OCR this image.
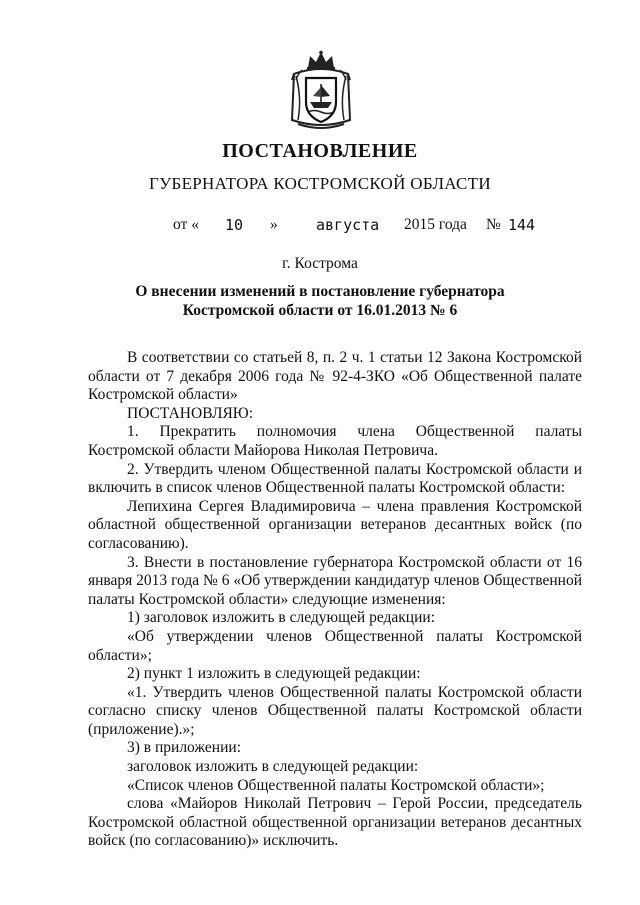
ПОСТАНОВЛЕНИЕ
ГУБЕРНАТОРА КОСТРОМСКОЙ ОБЛАСТИ
от « 10 »	августа 2015 года № 144
г. Кострома
О внесении изменений в постановление губернатора
Костромской области от 16.01.2013 № 6

В соответствии со статьей 8, п. 2 ч. 1 статьи 12 Закона Костромской области от 7 декабря 2006 года № 92-4-ЗКО «Об Общественной палате Костромской области»

ПОСТАНОВЛЯЮ:

1. Прекратить полномочия члена Общественной палаты Костромской области Майорова Николая Петровича.

2. Утвердить членом Общественной палаты Костромской области и включить в список членов Общественной палаты Костромской области:

Лепихина Сергея Владимировича – члена правления Костромской областной общественной организации ветеранов десантных войск (по согласованию).

3. Внести в постановление губернатора Костромской области от 16 января 2013 года № 6 «Об утверждении кандидатур членов Общественной палаты Костромской области» следующие изменения:

1) заголовок изложить в следующей редакции:

«Об утверждении членов Общественной палаты Костромской области»;

2) пункт 1 изложить в следующей редакции:

«1. Утвердить членов Общественной палаты Костромской области согласно списку членов Общественной палаты Костромской области (приложение).»;

3) в приложении:

заголовок изложить в следующей редакции:

«Список членов Общественной палаты Костромской области»;

слова «Майоров Николай Петрович – Герой России, председатель Костромской областной общественной организации ветеранов десантных войск (по согласованию)» исключить.
